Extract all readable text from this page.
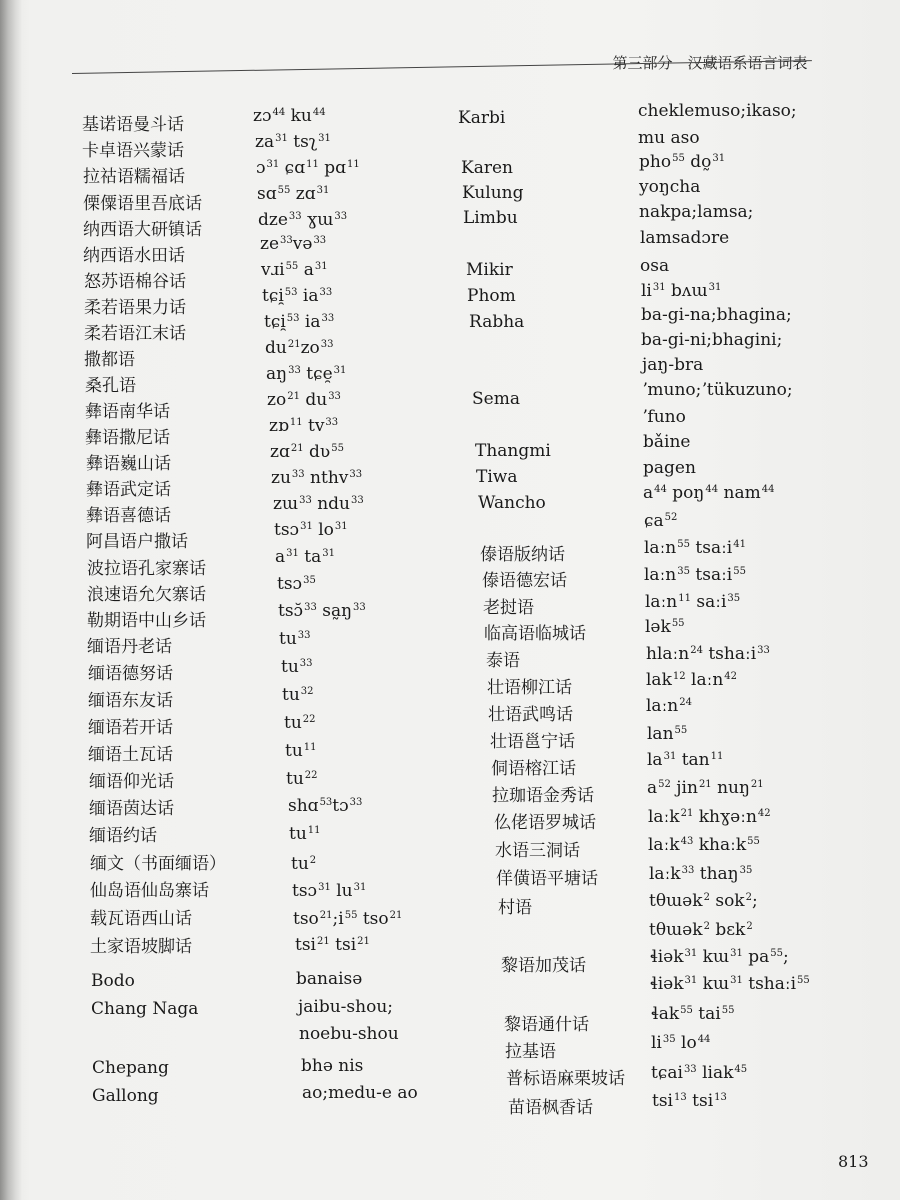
第三部分　汉藏语系语言词表
基诺语曼斗话
卡卓语兴蒙话
拉祜语糯福话
傈僳语里吾底话
纳西语大研镇话
纳西语水田话
怒苏语棉谷话
柔若语果力话
柔若语江末话
撒都语
桑孔语
彝语南华话
彝语撒尼话
彝语巍山话
彝语武定话
彝语喜德话
阿昌语户撒话
波拉语孔家寨话
浪速语允欠寨话
勒期语中山乡话
缅语丹老话
缅语德努话
缅语东友话
缅语若开话
缅语土瓦话
缅语仰光话
缅语茵达话
缅语约话
缅文（书面缅语）
仙岛语仙岛寨话
载瓦语西山话
土家语坡脚话
Bodo
Chang Naga
Chepang
Gallong
zɔ$^{44}$ $ku^{44}$
$za^{31}$ tsʅ$^{31}$
ɔ$^{31}$ ɕɑ$^{11}$ pɑ$^{11}$
sɑ$^{55}$ zɑ$^{31}$
dze$^{33}$ ɣɯ$^{33}$
$ze^{33}və^{33}$
vɹi$^{55}$ $a^{31}$
tɕi̯$^{53}$ $ia^{33}$
tɕi̯$^{53}$ $ia^{33}$
$du^{21}zo^{33}$
$aŋ^{33}$ tɕe̯$^{31}$
$zo^{21}$ $du^{33}$
zɒ$^{11}$ $tv^{33}$
zɑ$^{21}$ dʋ$^{55}$
$zu^{33}$ nthv$^{33}$
zɯ$^{33}$ ndu$^{33}$
tsɔ$^{31}$ $lo^{31}$
$a^{31}$ $ta^{31}$
tsɔ$^{35}$
tsɔ̆$^{33}$ $sa̰ŋ^{33}$
$tu^{33}$
$tu^{33}$
$tu^{32}$
$tu^{22}$
$tu^{11}$
$tu^{22}$
shɑ$^{53}$tɔ$^{33}$
$tu^{11}$
$tu^2$
tsɔ$^{31}$ $lu^{31}$
$tso^{21};i^{55}$ tso$^{21}$
tsi$^{21}$ tsi$^{21}$
banaisə
jaibu-shou;
noebu-shou
bhə nis
ao;medu-e ao
Karbi
Karen
Kulung
Limbu
Mikir
Phom
Rabha
Sema
Thangmi
Tiwa
Wancho
傣语版纳话
傣语德宏话
老挝语
临高语临城话
泰语
壮语柳江话
壮语武鸣话
壮语邕宁话
侗语榕江话
拉珈语金秀话
仫佬语罗城话
水语三洞话
佯僙语平塘话
村语
黎语加茂话
黎语通什话
拉基语
普标语麻栗坡话
苗语枫香话
cheklemuso;ikaso;
mu aso
pho$^{55}$ do̰$^{31}$
yoŋcha
nakpa;lamsa;
lamsadɔre
osa
$li^{31}$ bʌɯ$^{31}$
ba-gi-na;bhagina;
ba-gi-ni;bhagini;
jaŋ-bra
ʼmuno;ʼtükuzuno;
ʼfuno
bǎine
pagen
$a^{44}$ poŋ$^{44}$ nam$^{44}$
ɕa$^{52}$
laːn$^{55}$ tsaːi$^{41}$
laːn$^{35}$ tsaːi$^{55}$
laːn$^{11}$ saːi$^{35}$
lək$^{55}$
hlaːn$^{24}$ tshaːi$^{33}$
lak$^{12}$ laːn$^{42}$
laːn$^{24}$
lan$^{55}$
$la^{31}$ $\tan^{11}$
$a^{52}$ jin$^{21}$ nuŋ$^{21}$
laːk$^{21}$ khɣəːn$^{42}$
laːk$^{43}$ khaːk$^{55}$
laːk$^{33}$ thaŋ$^{35}$
tθɯək$^2$ sok$^2$;
tθɯək$^2$ bɛk$^2$
ɬiək$^{31}$ kɯ$^{31}$ $pa^{55}$;
ɬiək$^{31}$ kɯ$^{31}$ tshaːi$^{55}$
ɬak$^{55}$ tai$^{55}$
$li^{35}$ $lo^{44}$
tɕai$^{33}$ liak$^{45}$
tsi$^{13}$ tsi$^{13}$
813
